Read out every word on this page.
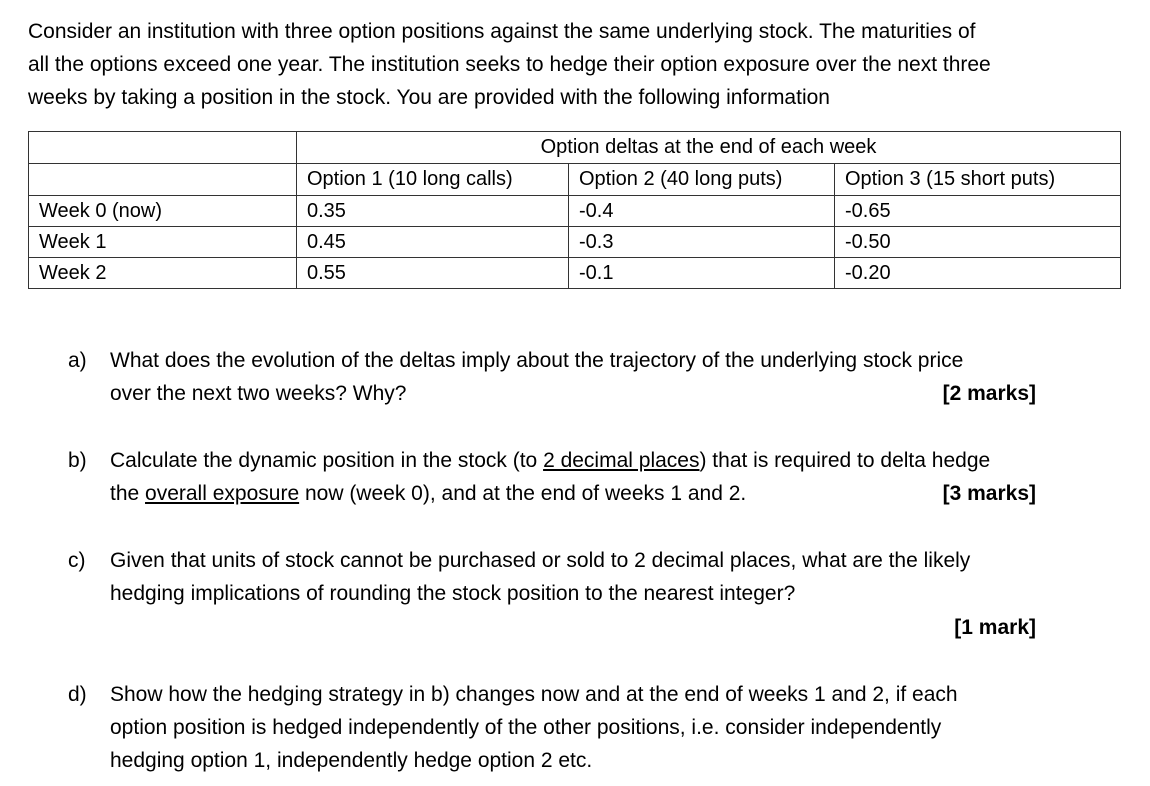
Consider an institution with three option positions against the same underlying stock. The maturities of

all the options exceed one year. The institution seeks to hedge their option exposure over the next three

weeks by taking a position in the stock. You are provided with the following information

	Option deltas at the end of each week		
	Option 1 (10 long calls)	Option 2 (40 long puts)	Option 3 (15 short puts)
Week 0 (now)	0.35	-0.4	-0.65
Week 1	0.45	-0.3	-0.50
Week 2	0.55	-0.1	-0.20
a)	What does the evolution of the deltas imply about the trajectory of the underlying stock price
over the next two weeks? Why?	[2 marks]
b)	Calculate the dynamic position in the stock (to 2 decimal places) that is required to delta hedge
the overall exposure now (week 0), and at the end of weeks 1 and 2.	[3 marks]
c)	Given that units of stock cannot be purchased or sold to 2 decimal places, what are the likely
hedging implications of rounding the stock position to the nearest integer?
[1 mark]
d)	Show how the hedging strategy in b) changes now and at the end of weeks 1 and 2, if each
option position is hedged independently of the other positions, i.e. consider independently
hedging option 1, independently hedge option 2 etc.
